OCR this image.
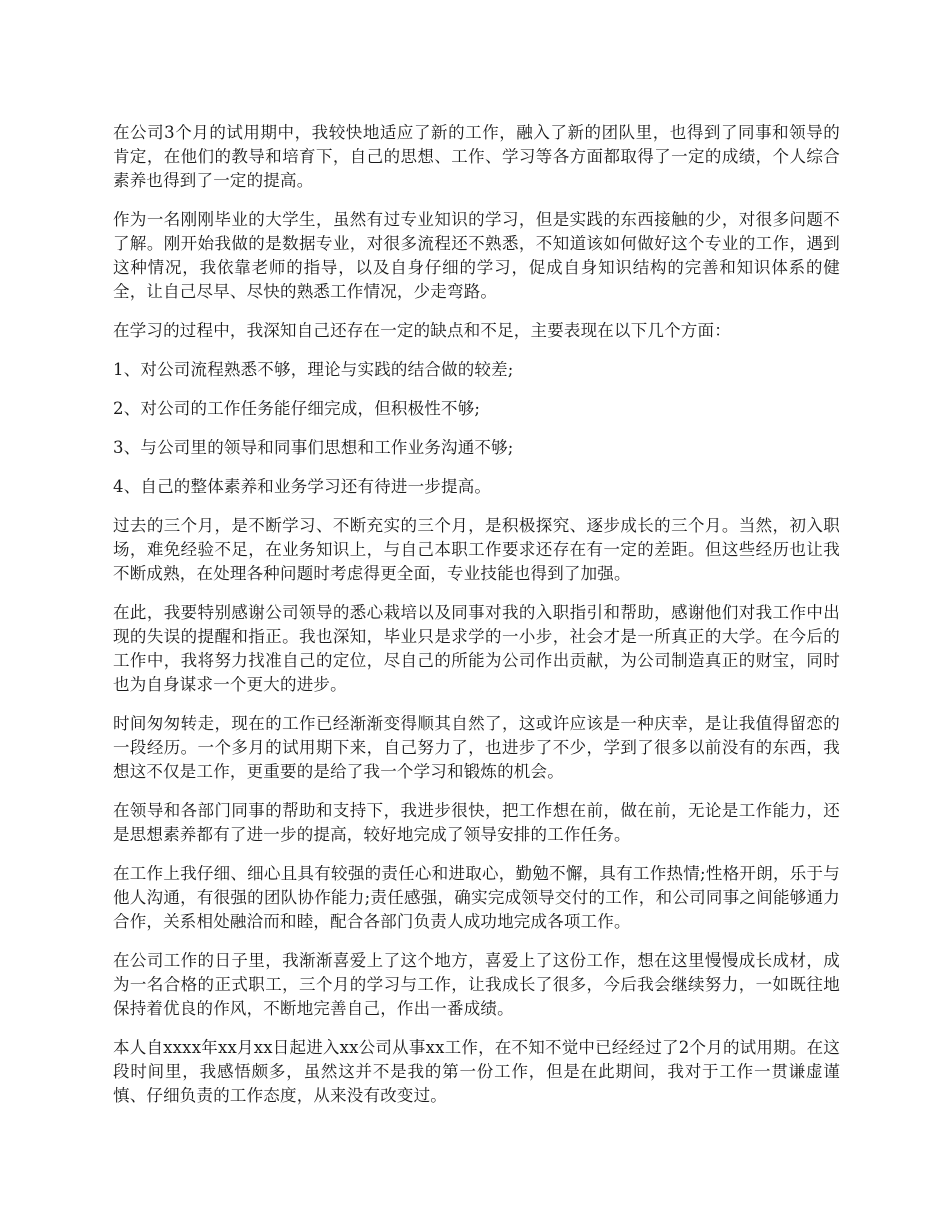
在公司3个月的试用期中，我较快地适应了新的工作，融入了新的团队里，也得到了同事和领导的肯定，在他们的教导和培育下，自己的思想、工作、学习等各方面都取得了一定的成绩，个人综合素养也得到了一定的提高。

作为一名刚刚毕业的大学生，虽然有过专业知识的学习，但是实践的东西接触的少，对很多问题不了解。刚开始我做的是数据专业，对很多流程还不熟悉，不知道该如何做好这个专业的工作，遇到这种情况，我依靠老师的指导，以及自身仔细的学习，促成自身知识结构的完善和知识体系的健全，让自己尽早、尽快的熟悉工作情况，少走弯路。

在学习的过程中，我深知自己还存在一定的缺点和不足，主要表现在以下几个方面：

1、对公司流程熟悉不够，理论与实践的结合做的较差;

2、对公司的工作任务能仔细完成，但积极性不够;

3、与公司里的领导和同事们思想和工作业务沟通不够;

4、自己的整体素养和业务学习还有待进一步提高。

过去的三个月，是不断学习、不断充实的三个月，是积极探究、逐步成长的三个月。当然，初入职场，难免经验不足，在业务知识上，与自己本职工作要求还存在有一定的差距。但这些经历也让我不断成熟，在处理各种问题时考虑得更全面，专业技能也得到了加强。

在此，我要特别感谢公司领导的悉心栽培以及同事对我的入职指引和帮助，感谢他们对我工作中出现的失误的提醒和指正。我也深知，毕业只是求学的一小步，社会才是一所真正的大学。在今后的工作中，我将努力找准自己的定位，尽自己的所能为公司作出贡献，为公司制造真正的财宝，同时也为自身谋求一个更大的进步。

时间匆匆转走，现在的工作已经渐渐变得顺其自然了，这或许应该是一种庆幸，是让我值得留恋的一段经历。一个多月的试用期下来，自己努力了，也进步了不少，学到了很多以前没有的东西，我想这不仅是工作，更重要的是给了我一个学习和锻炼的机会。

在领导和各部门同事的帮助和支持下，我进步很快，把工作想在前，做在前，无论是工作能力，还是思想素养都有了进一步的提高，较好地完成了领导安排的工作任务。

在工作上我仔细、细心且具有较强的责任心和进取心，勤勉不懈，具有工作热情;性格开朗，乐于与他人沟通，有很强的团队协作能力;责任感强，确实完成领导交付的工作，和公司同事之间能够通力合作，关系相处融洽而和睦，配合各部门负责人成功地完成各项工作。

在公司工作的日子里，我渐渐喜爱上了这个地方，喜爱上了这份工作，想在这里慢慢成长成材，成为一名合格的正式职工，三个月的学习与工作，让我成长了很多，今后我会继续努力，一如既往地保持着优良的作风，不断地完善自己，作出一番成绩。

本人自xxxx年xx月xx日起进入xx公司从事xx工作，在不知不觉中已经经过了2个月的试用期。在这段时间里，我感悟颇多，虽然这并不是我的第一份工作，但是在此期间，我对于工作一贯谦虚谨慎、仔细负责的工作态度，从来没有改变过。
